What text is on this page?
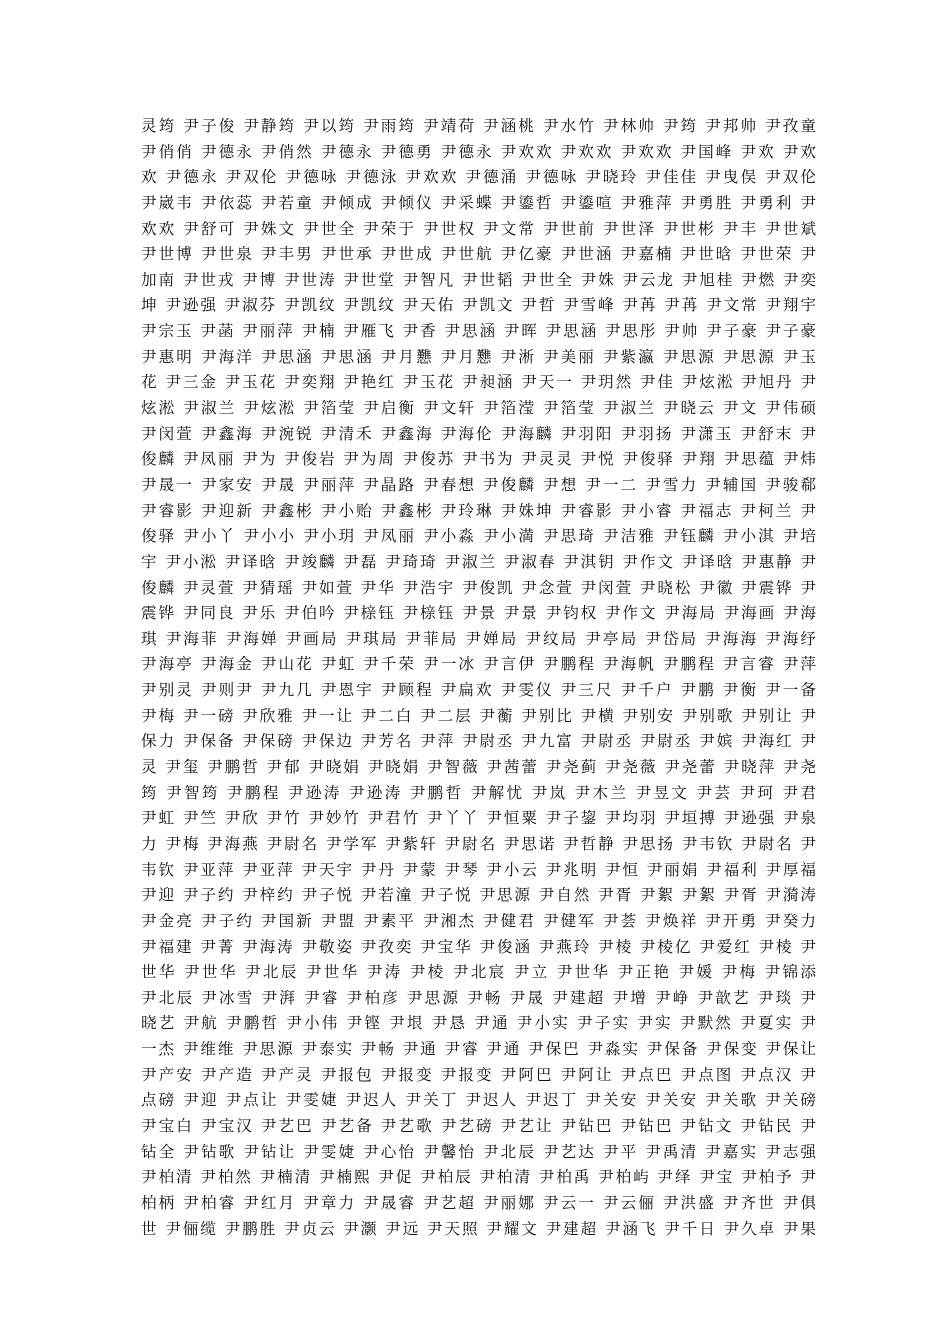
灵筠 尹子俊 尹静筠 尹以筠 尹雨筠 尹靖荷 尹涵桃 尹水竹 尹林帅 尹筠 尹邦帅 尹孜童
尹俏俏 尹德永 尹俏然 尹德永 尹德勇 尹德永 尹欢欢 尹欢欢 尹欢欢 尹国峰 尹欢 尹欢
欢 尹德永 尹双伦 尹德咏 尹德泳 尹欢欢 尹德涌 尹德咏 尹晓玲 尹佳佳 尹曳俣 尹双伦
尹崴韦 尹依蕊 尹若童 尹倾成 尹倾仪 尹采蝶 尹鎏哲 尹鎏喧 尹雅萍 尹勇胜 尹勇利 尹
欢欢 尹舒可 尹姝文 尹世全 尹荣于 尹世权 尹文常 尹世前 尹世泽 尹世彬 尹丰 尹世斌
尹世博 尹世泉 尹丰男 尹世承 尹世成 尹世航 尹亿豪 尹世涵 尹嘉楠 尹世晗 尹世荣 尹
加南 尹世戎 尹博 尹世涛 尹世堂 尹智凡 尹世韬 尹世全 尹姝 尹云龙 尹旭桂 尹燃 尹奕
坤 尹逊强 尹淑芬 尹凯纹 尹凯纹 尹天佑 尹凯文 尹哲 尹雪峰 尹苒 尹苒 尹文常 尹翔宇
尹宗玉 尹菡 尹丽萍 尹楠 尹雁飞 尹香 尹思涵 尹晖 尹思涵 尹思彤 尹帅 尹子豪 尹子豪
尹惠明 尹海洋 尹思涵 尹思涵 尹月戁 尹月戁 尹淅 尹美丽 尹紫瀛 尹思源 尹思源 尹玉
花 尹三金 尹玉花 尹奕翔 尹艳红 尹玉花 尹昶涵 尹天一 尹玥然 尹佳 尹炫淞 尹旭丹 尹
炫淞 尹淑兰 尹炫淞 尹箔莹 尹启衡 尹文轩 尹箔滢 尹箔莹 尹淑兰 尹晓云 尹文 尹伟硕
尹闵萱 尹鑫海 尹涴锐 尹清禾 尹鑫海 尹海伦 尹海麟 尹羽阳 尹羽扬 尹潇玉 尹舒末 尹
俊麟 尹凤丽 尹为 尹俊岩 尹为周 尹俊苏 尹书为 尹灵灵 尹悦 尹俊驿 尹翔 尹思蕴 尹炜
尹晟一 尹家安 尹晟 尹丽萍 尹晶路 尹春想 尹俊麟 尹想 尹一二 尹雪力 尹辅国 尹骏郗
尹睿影 尹迎新 尹鑫彬 尹小贻 尹鑫彬 尹玲琳 尹姝坤 尹睿影 尹小睿 尹福志 尹柯兰 尹
俊驿 尹小丫 尹小小 尹小玥 尹凤丽 尹小淼 尹小満 尹思琦 尹洁雅 尹钰麟 尹小淇 尹培
宇 尹小淞 尹译晗 尹竣麟 尹磊 尹琦琦 尹淑兰 尹淑春 尹淇钥 尹作文 尹译晗 尹惠静 尹
俊麟 尹灵萱 尹猜瑶 尹如萱 尹华 尹浩宇 尹俊凯 尹念萱 尹闵萱 尹晓松 尹徽 尹震铧 尹
震铧 尹同良 尹乐 尹伯吟 尹榇钰 尹榇钰 尹景 尹景 尹钧权 尹作文 尹海局 尹海画 尹海
琪 尹海菲 尹海婵 尹画局 尹琪局 尹菲局 尹婵局 尹纹局 尹亭局 尹岱局 尹海海 尹海纾
尹海亭 尹海金 尹山花 尹虹 尹千荣 尹一冰 尹言伊 尹鹏程 尹海帆 尹鹏程 尹言睿 尹萍
尹别灵 尹则尹 尹九几 尹恩宇 尹顾程 尹扁欢 尹雯仪 尹三尺 尹千户 尹鹏 尹衡 尹一备
尹梅 尹一磅 尹欣雅 尹一让 尹二白 尹二层 尹蘅 尹别比 尹横 尹别安 尹别歌 尹别让 尹
保力 尹保备 尹保磅 尹保边 尹芳名 尹萍 尹尉丞 尹九富 尹尉丞 尹尉丞 尹嫔 尹海红 尹
灵 尹玺 尹鹏哲 尹郁 尹晓娟 尹晓娟 尹智薇 尹茜蕾 尹尧蓟 尹尧薇 尹尧蕾 尹晓萍 尹尧
筠 尹智筠 尹鹏程 尹逊涛 尹逊涛 尹鹏哲 尹解忧 尹岚 尹木兰 尹昱文 尹芸 尹珂 尹君
尹虹 尹竺 尹欣 尹竹 尹妙竹 尹君竹 尹丫丫 尹恒粟 尹子鋆 尹均羽 尹垣搏 尹逊强 尹泉
力 尹梅 尹海燕 尹尉名 尹学军 尹紫轩 尹尉名 尹思诺 尹哲静 尹思扬 尹韦钦 尹尉名 尹
韦钦 尹亚萍 尹亚萍 尹天宇 尹丹 尹蒙 尹琴 尹小云 尹兆明 尹恒 尹丽娟 尹福利 尹厚福
尹迎 尹子约 尹梓约 尹子悦 尹若潼 尹子悦 尹思源 尹自然 尹胥 尹絮 尹絮 尹胥 尹漪涛
尹金亮 尹子约 尹国新 尹盟 尹素平 尹湘杰 尹健君 尹健军 尹荟 尹焕祥 尹开勇 尹癸力
尹福建 尹菁 尹海涛 尹敬姿 尹孜奕 尹宝华 尹俊涵 尹燕玲 尹棱 尹棱亿 尹爱红 尹棱 尹
世华 尹世华 尹北辰 尹世华 尹涛 尹棱 尹北宸 尹立 尹世华 尹正艳 尹媛 尹梅 尹锦添
尹北辰 尹冰雪 尹湃 尹睿 尹柏彦 尹思源 尹畅 尹晟 尹建超 尹增 尹峥 尹歆艺 尹琰 尹
晓艺 尹航 尹鹏哲 尹小伟 尹铿 尹垠 尹恳 尹通 尹小实 尹子实 尹实 尹默然 尹夏实 尹
一杰 尹维维 尹思源 尹泰实 尹畅 尹通 尹睿 尹通 尹保巴 尹淼实 尹保备 尹保变 尹保让
尹产安 尹产造 尹产灵 尹报包 尹报变 尹报变 尹阿巴 尹阿让 尹点巴 尹点图 尹点汉 尹
点磅 尹迎 尹点让 尹雯婕 尹迟人 尹关丁 尹迟人 尹迟丁 尹关安 尹关安 尹关歌 尹关磅
尹宝白 尹宝汉 尹艺巴 尹艺备 尹艺歌 尹艺磅 尹艺让 尹钻巴 尹钻巴 尹钻文 尹钻民 尹
钻全 尹钻歌 尹钻让 尹雯婕 尹心怡 尹馨怡 尹北辰 尹艺达 尹平 尹禹清 尹嘉实 尹志强
尹柏清 尹柏然 尹楠清 尹楠熙 尹促 尹柏辰 尹柏清 尹柏禹 尹柏屿 尹绎 尹宝 尹柏予 尹
柏柄 尹柏睿 尹红月 尹章力 尹晟睿 尹艺超 尹丽娜 尹云一 尹云俪 尹洪盛 尹齐世 尹俱
世 尹俪缆 尹鹏胜 尹贞云 尹灏 尹远 尹天照 尹耀文 尹建超 尹涵飞 尹千日 尹久卓 尹果
